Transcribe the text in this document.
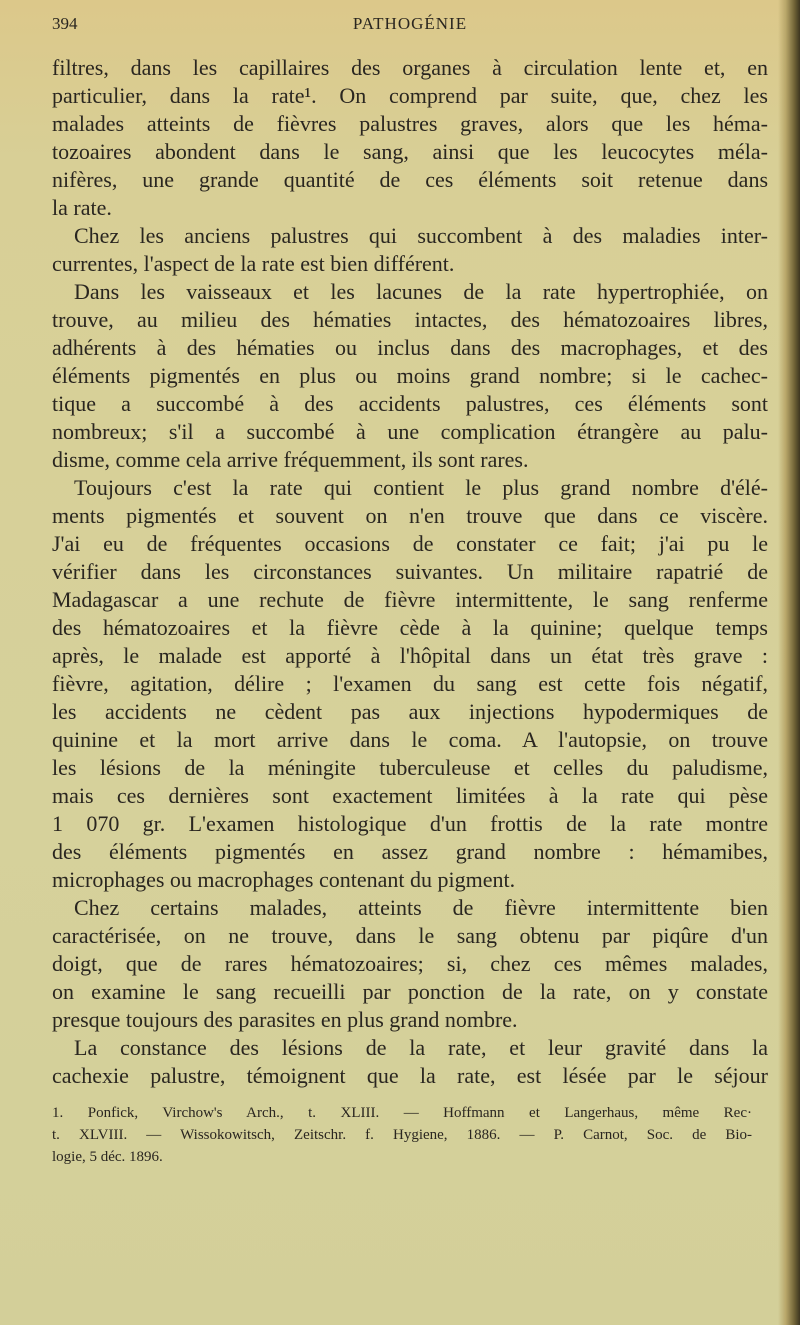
394	PATHOGÉNIE
filtres, dans les capillaires des organes à circulation lente et, en
particulier, dans la rate¹. On comprend par suite, que, chez les
malades atteints de fièvres palustres graves, alors que les héma-
tozoaires abondent dans le sang, ainsi que les leucocytes méla-
nifères, une grande quantité de ces éléments soit retenue dans
la rate.
Chez les anciens palustres qui succombent à des maladies inter-
currentes, l'aspect de la rate est bien différent.
Dans les vaisseaux et les lacunes de la rate hypertrophiée, on
trouve, au milieu des hématies intactes, des hématozoaires libres,
adhérents à des hématies ou inclus dans des macrophages, et des
éléments pigmentés en plus ou moins grand nombre; si le cachec-
tique a succombé à des accidents palustres, ces éléments sont
nombreux; s'il a succombé à une complication étrangère au palu-
disme, comme cela arrive fréquemment, ils sont rares.
Toujours c'est la rate qui contient le plus grand nombre d'élé-
ments pigmentés et souvent on n'en trouve que dans ce viscère.
J'ai eu de fréquentes occasions de constater ce fait; j'ai pu le
vérifier dans les circonstances suivantes. Un militaire rapatrié de
Madagascar a une rechute de fièvre intermittente, le sang renferme
des hématozoaires et la fièvre cède à la quinine; quelque temps
après, le malade est apporté à l'hôpital dans un état très grave :
fièvre, agitation, délire ; l'examen du sang est cette fois négatif,
les accidents ne cèdent pas aux injections hypodermiques de
quinine et la mort arrive dans le coma. A l'autopsie, on trouve
les lésions de la méningite tuberculeuse et celles du paludisme,
mais ces dernières sont exactement limitées à la rate qui pèse
1 070 gr. L'examen histologique d'un frottis de la rate montre
des éléments pigmentés en assez grand nombre : hémamibes,
microphages ou macrophages contenant du pigment.
Chez certains malades, atteints de fièvre intermittente bien
caractérisée, on ne trouve, dans le sang obtenu par piqûre d'un
doigt, que de rares hématozoaires; si, chez ces mêmes malades,
on examine le sang recueilli par ponction de la rate, on y constate
presque toujours des parasites en plus grand nombre.
La constance des lésions de la rate, et leur gravité dans la
cachexie palustre, témoignent que la rate, est lésée par le séjour
1. Ponfick, Virchow's Arch., t. XLIII. — Hoffmann et Langerhaus, même Rec·
t. XLVIII. — Wissokowitsch, Zeitschr. f. Hygiene, 1886. — P. Carnot, Soc. de Bio-
logie, 5 déc. 1896.
